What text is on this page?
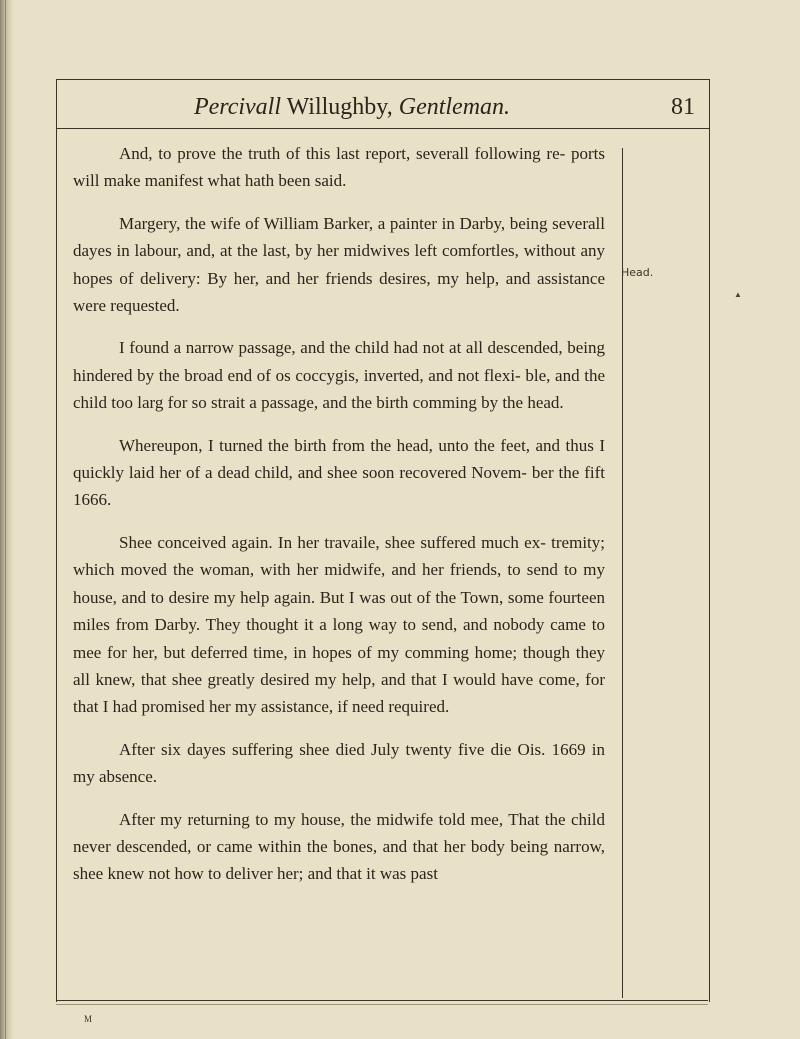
Percivall Willughby, Gentleman.	81

And, to prove the truth of this last report, severall following re- ports will make manifest what hath been said.

Margery, the wife of William Barker, a painter in Darby, being severall dayes in labour, and, at the last, by her midwives left comfortles, without any hopes of delivery: By her, and her friends desires, my help, and assistance were requested.

I found a narrow passage, and the child had not at all descended, being hindered by the broad end of os coccygis, inverted, and not flexi- ble, and the child too larg for so strait a passage, and the birth comming by the head.

Whereupon, I turned the birth from the head, unto the feet, and thus I quickly laid her of a dead child, and shee soon recovered Novem- ber the fift 1666.

Shee conceived again. In her travaile, shee suffered much ex- tremity; which moved the woman, with her midwife, and her friends, to send to my house, and to desire my help again. But I was out of the Town, some fourteen miles from Darby. They thought it a long way to send, and nobody came to mee for her, but deferred time, in hopes of my comming home; though they all knew, that shee greatly desired my help, and that I would have come, for that I had promised her my assistance, if need required.

After six dayes suffering shee died July twenty five die Ois. 1669 in my absence.

After my returning to my house, the midwife told mee, That the child never descended, or came within the bones, and that her body being narrow, shee knew not how to deliver her; and that it was past

Head.
▲
M
